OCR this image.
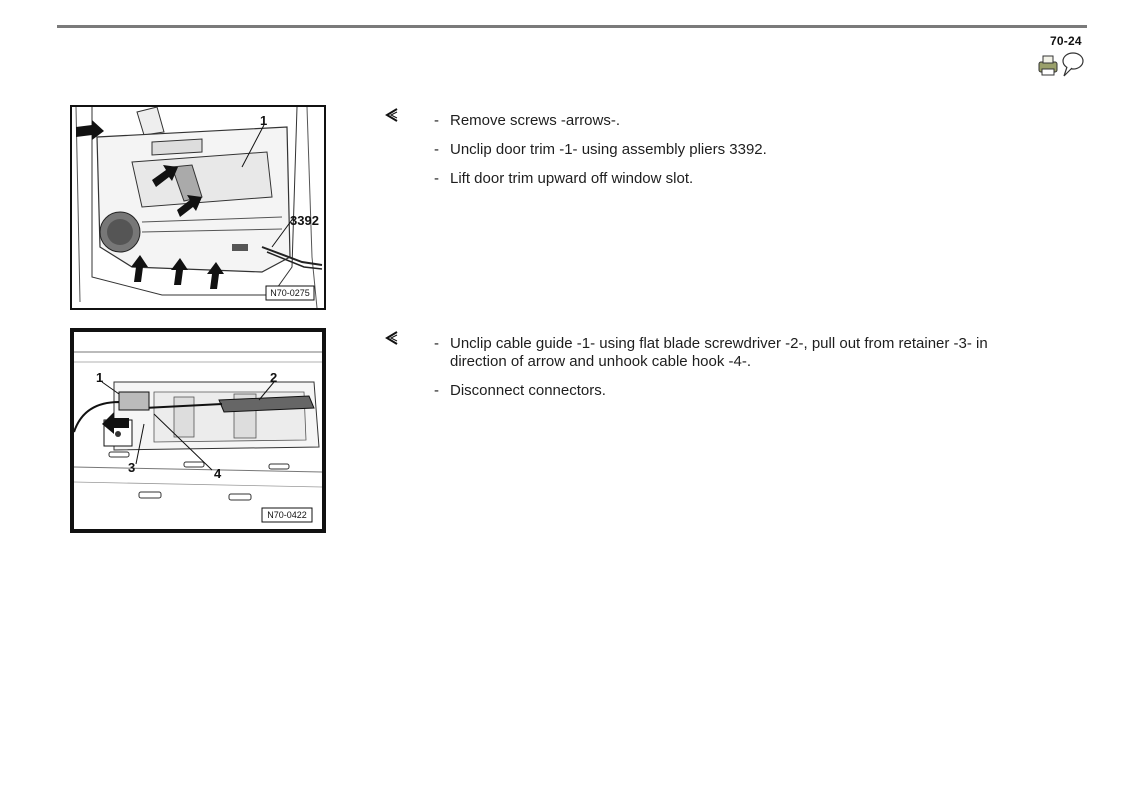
70-24
1
3392
N70-0275
- Remove screws -arrows-.
- Unclip door trim -1- using assembly pliers 3392.
- Lift door trim upward off window slot.
1	2
3	4
N70-0422
- Unclip cable guide -1- using flat blade screwdriver -2-, pull out from retainer -3- in direction of arrow and unhook cable hook -4-.
- Disconnect connectors.
